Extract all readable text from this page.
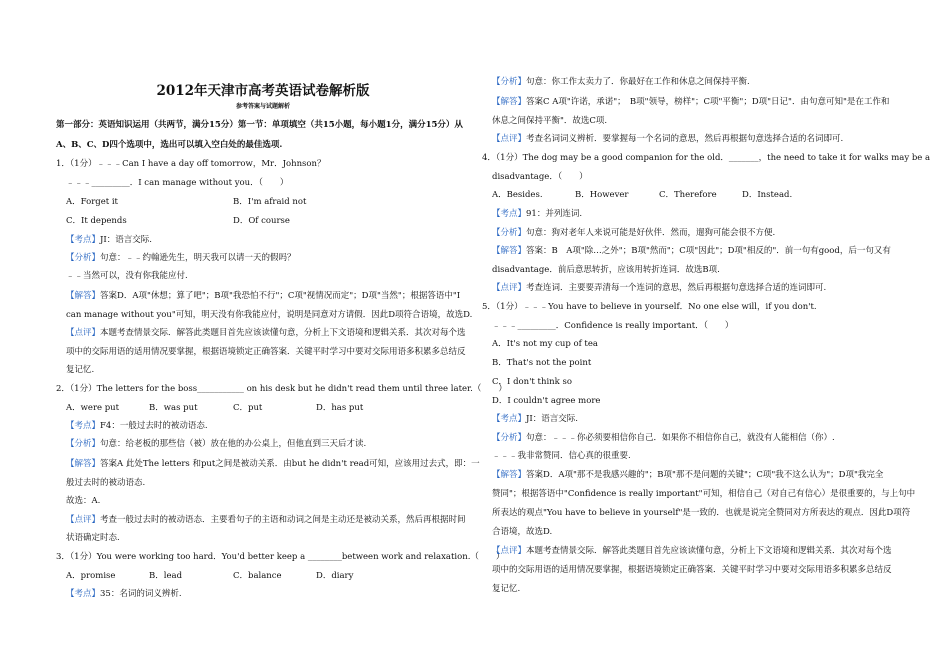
2012年天津市高考英语试卷解析版
参考答案与试题解析
第一部分：英语知识运用（共两节，满分15分）第一节：单项填空（共15小题，每小题1分，满分15分）从
A、B、C、D四个选项中，选出可以填入空白处的最佳选项.
1．（1分）﹣﹣﹣Can I have a day off tomorrow，Mr．Johnson？
﹣﹣﹣_________．I can manage without you．（　　）
A．Forget it	B．I'm afraid not
C．It depends	D．Of course
【考点】JI：语言交际.
【分析】句意：﹣﹣约翰逊先生，明天我可以请一天的假吗？
﹣﹣当然可以，没有你我能应付.
【解答】答案D．A项"休想；算了吧"；B项"我恐怕不行"；C项"视情况而定"；D项"当然"；根据答语中"I
can manage without you"可知，明天没有你我能应付，说明是同意对方请假．因此D项符合语境，故选D.
【点评】本题考查情景交际．解答此类题目首先应该读懂句意，分析上下文语境和逻辑关系．其次对每个选
项中的交际用语的适用情况要掌握，根据语境锁定正确答案．关键平时学习中要对交际用语多积累多总结反
复记忆.
2．（1分）The letters for the boss___________ on his desk but he didn't read them until three later.（　　）
A．were put	B．was put	C．put	D．has put
【考点】F4：一般过去时的被动语态.
【分析】句意：给老板的那些信（被）放在他的办公桌上，但他直到三天后才读.
【解答】答案A 此处The letters 和put之间是被动关系．由but he didn't read可知，应该用过去式，即：一
般过去时的被动语态.
故选：A.
【点评】考查一般过去时的被动语态．主要看句子的主语和动词之间是主动还是被动关系，然后再根据时间
状语确定时态.
3．（1分）You were working too hard．You'd better keep a ________between work and relaxation.（　　）
A．promise	B．lead	C．balance	D．diary
【考点】35：名词的词义辨析.
【分析】句意：你工作太卖力了．你最好在工作和休息之间保持平衡.
【解答】答案C A项"许诺，承诺"；　B项"领导，榜样"；C项"平衡"；D项"日记"．由句意可知"是在工作和
休息之间保持平衡"．故选C项.
【点评】考查名词词义辨析．要掌握每一个名词的意思，然后再根据句意选择合适的名词即可.
4．（1分）The dog may be a good companion for the old．_______，the need to take it for walks may be a
disadvantage．（　　）
A．Besides.	B．However	C．Therefore	D．Instead.
【考点】91：并列连词.
【分析】句意：狗对老年人来说可能是好伙伴．然而，遛狗可能会很不方便.
【解答】答案：B　A项"除…之外"；B项"然而"；C项"因此"；D项"相反的"．前一句有good，后一句又有
disadvantage．前后意思转折，应该用转折连词．故选B项.
【点评】考查连词．主要要弄清每一个连词的意思，然后再根据句意选择合适的连词即可.
5．（1分）﹣﹣﹣You have to believe in yourself．No one else will，if you don't.
﹣﹣﹣_________．Confidence is really important．（　　）
A．It's not my cup of tea
B．That's not the point
C．I don't think so
D．I couldn't agree more
【考点】JI：语言交际.
【分析】句意：﹣﹣﹣你必须要相信你自己．如果你不相信你自己，就没有人能相信（你）.
﹣﹣﹣我非常赞同．信心真的很重要.
【解答】答案D．A项"那不是我感兴趣的"；B项"那不是问题的关键"；C项"我不这么认为"；D项"我完全
赞同"；根据答语中"Confidence is really important"可知，相信自己（对自己有信心）是很重要的，与上句中
所表达的观点"You have to believe in yourself"是一致的．也就是说完全赞同对方所表达的观点．因此D项符
合语境，故选D.
【点评】本题考查情景交际．解答此类题目首先应该读懂句意，分析上下文语境和逻辑关系．其次对每个选
项中的交际用语的适用情况要掌握，根据语境锁定正确答案．关键平时学习中要对交际用语多积累多总结反
复记忆.
